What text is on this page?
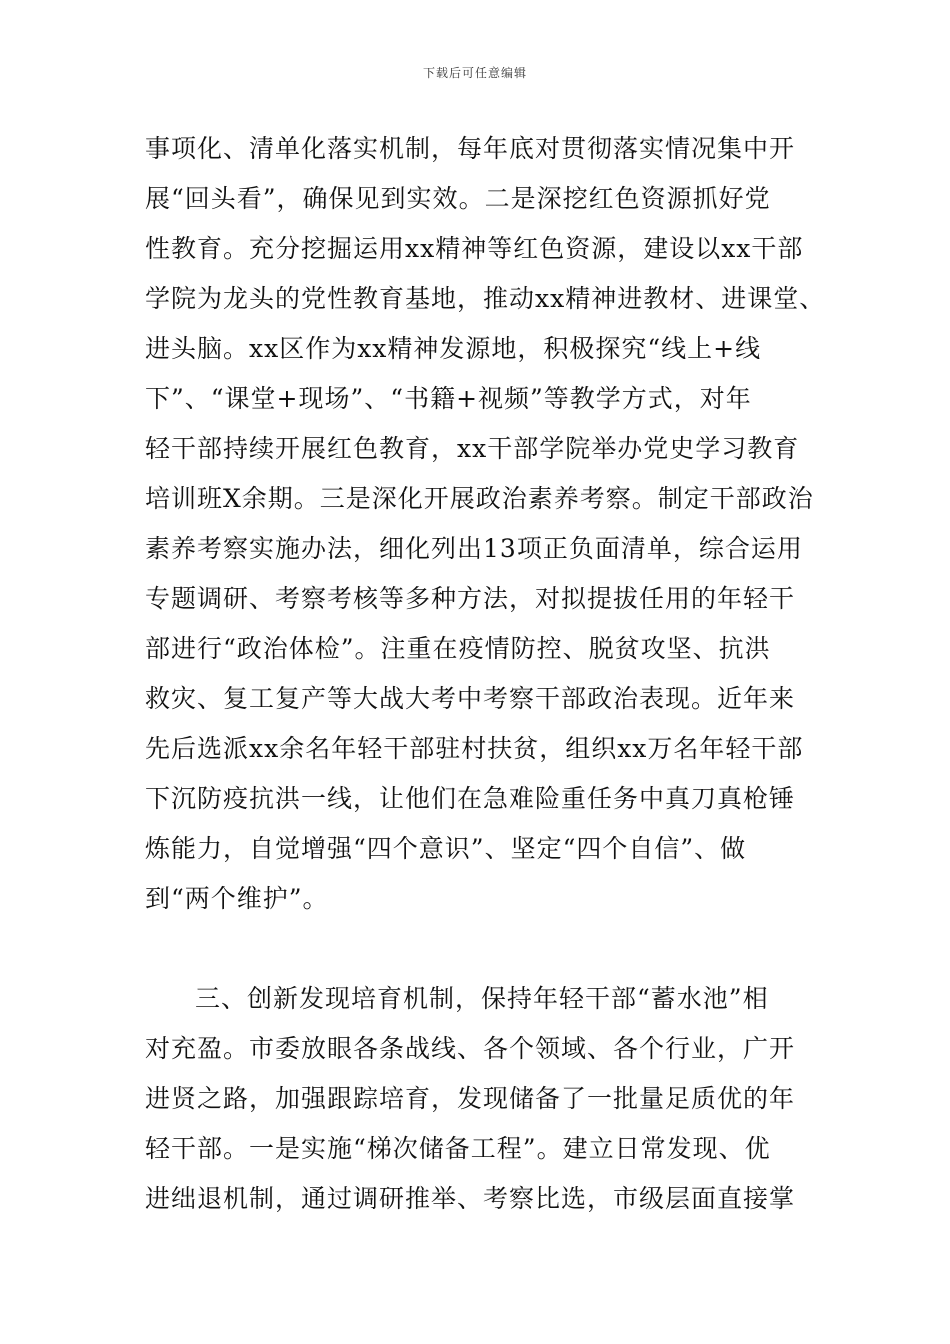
下载后可任意编辑
事项化、清单化落实机制，每年底对贯彻落实情况集中开
展“回头看”，确保见到实效。二是深挖红色资源抓好党
性教育。充分挖掘运用xx精神等红色资源，建设以xx干部
学院为龙头的党性教育基地，推动xx精神进教材、进课堂、
进头脑。xx区作为xx精神发源地，积极探究“线上+线
下”、“课堂+现场”、“书籍+视频”等教学方式，对年
轻干部持续开展红色教育，xx干部学院举办党史学习教育
培训班X余期。三是深化开展政治素养考察。制定干部政治
素养考察实施办法，细化列出13项正负面清单，综合运用
专题调研、考察考核等多种方法，对拟提拔任用的年轻干
部进行“政治体检”。注重在疫情防控、脱贫攻坚、抗洪
救灾、复工复产等大战大考中考察干部政治表现。近年来
先后选派xx余名年轻干部驻村扶贫，组织xx万名年轻干部
下沉防疫抗洪一线，让他们在急难险重任务中真刀真枪锤
炼能力，自觉增强“四个意识”、坚定“四个自信”、做
到“两个维护”。
三、创新发现培育机制，保持年轻干部“蓄水池”相
对充盈。市委放眼各条战线、各个领域、各个行业，广开
进贤之路，加强跟踪培育，发现储备了一批量足质优的年
轻干部。一是实施“梯次储备工程”。建立日常发现、优
进绌退机制，通过调研推举、考察比选，市级层面直接掌
